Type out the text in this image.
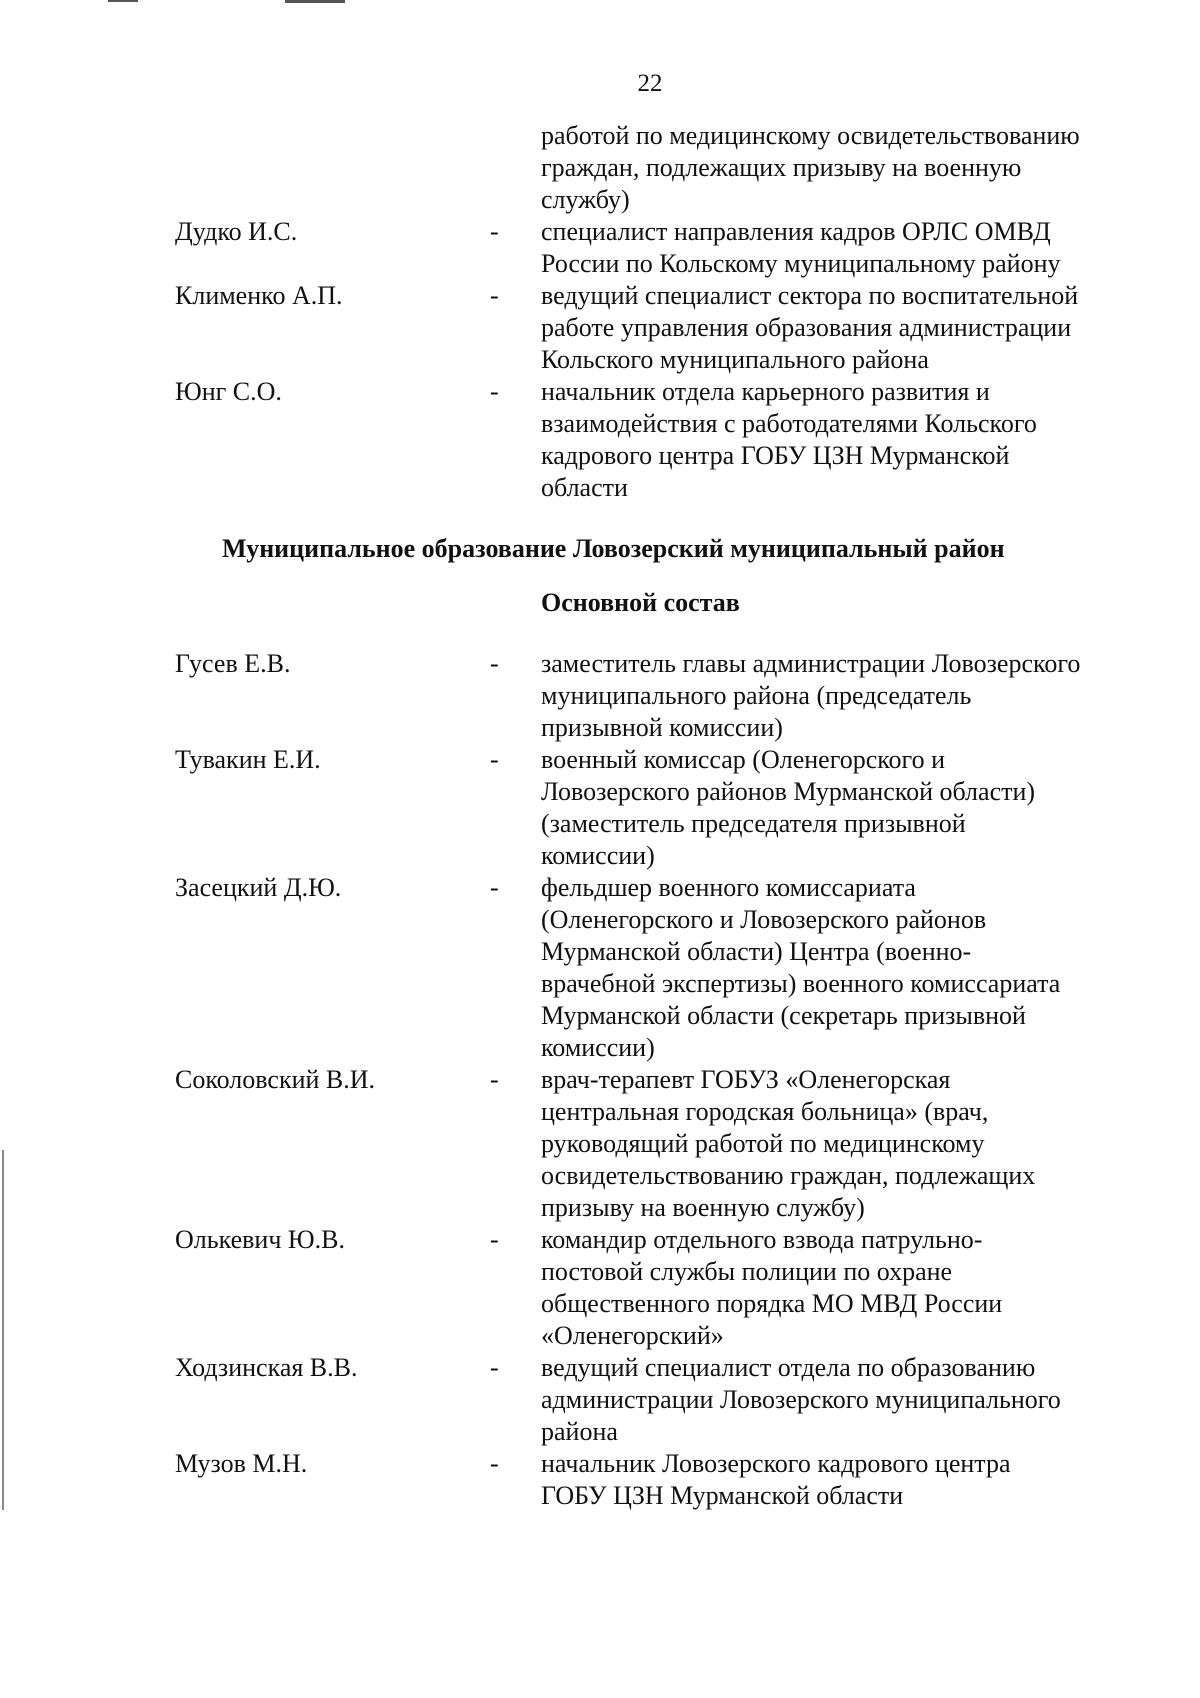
22
работой по медицинскому освидетельствованию
граждан, подлежащих призыву на военную
службу)
Дудко И.С.	- специалист направления кадров ОРЛС ОМВД
России по Кольскому муниципальному району
Клименко А.П.	- ведущий специалист сектора по воспитательной
работе управления образования администрации
Кольского муниципального района
Юнг С.О.	- начальник отдела карьерного развития и
взаимодействия с работодателями Кольского
кадрового центра ГОБУ ЦЗН Мурманской
области
Муниципальное образование Ловозерский муниципальный район
Основной состав
Гусев Е.В.	- заместитель главы администрации Ловозерского
муниципального района (председатель
призывной комиссии)
Тувакин Е.И.	- военный комиссар (Оленегорского и
Ловозерского районов Мурманской области)
(заместитель председателя призывной
комиссии)
Засецкий Д.Ю.	- фельдшер военного комиссариата
(Оленегорского и Ловозерского районов
Мурманской области) Центра (военно-
врачебной экспертизы) военного комиссариата
Мурманской области (секретарь призывной
комиссии)
Соколовский В.И.	- врач-терапевт ГОБУЗ «Оленегорская
центральная городская больница» (врач,
руководящий работой по медицинскому
освидетельствованию граждан, подлежащих
призыву на военную службу)
Олькевич Ю.В.	- командир отдельного взвода патрульно-
постовой службы полиции по охране
общественного порядка МО МВД России
«Оленегорский»
Ходзинская В.В.	- ведущий специалист отдела по образованию
администрации Ловозерского муниципального
района
Музов М.Н.	- начальник Ловозерского кадрового центра
ГОБУ ЦЗН Мурманской области
